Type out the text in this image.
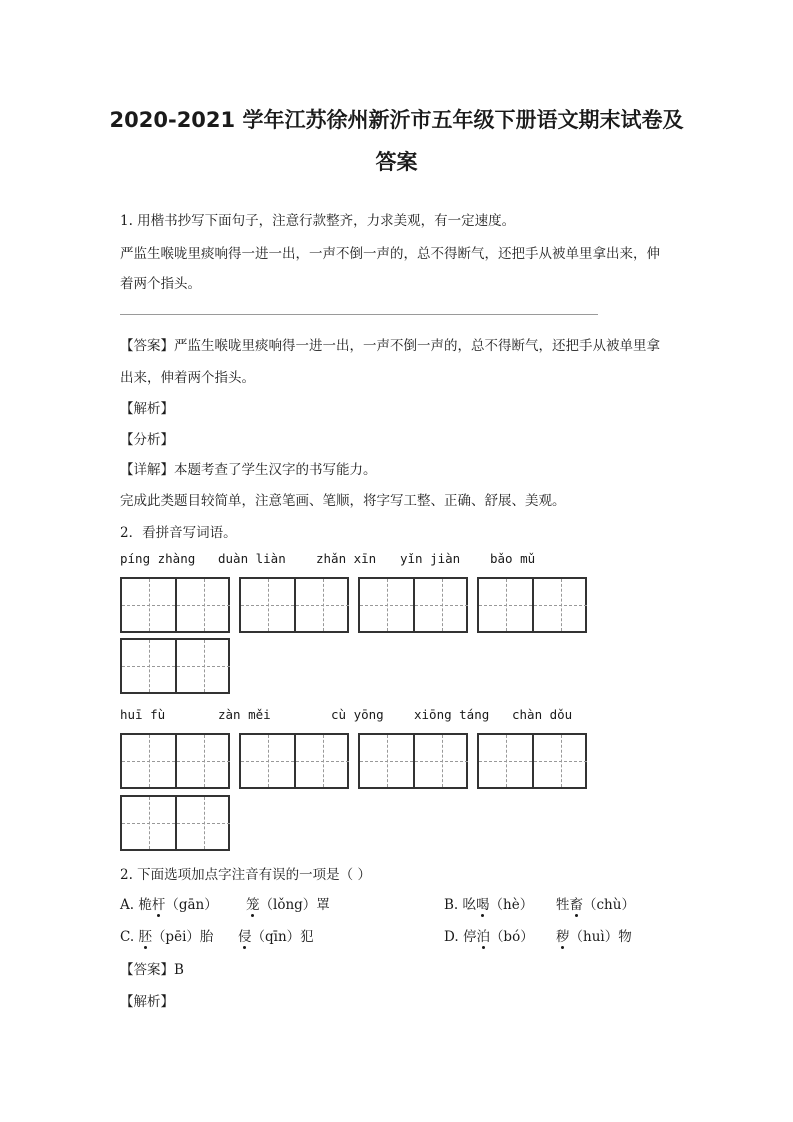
2020-2021 学年江苏徐州新沂市五年级下册语文期末试卷及
答案
1. 用楷书抄写下面句子，注意行款整齐，力求美观，有一定速度。
严监生喉咙里痰响得一进一出，一声不倒一声的，总不得断气，还把手从被单里拿出来，伸
着两个指头。
【答案】严监生喉咙里痰响得一进一出，一声不倒一声的，总不得断气，还把手从被单里拿
出来，伸着两个指头。
【解析】
【分析】
【详解】本题考查了学生汉字的书写能力。
完成此类题目较简单，注意笔画、笔顺，将字写工整、正确、舒展、美观。
2．看拼音写词语。
píng zhàng duàn liàn zhǎn xīn yǐn jiàn bǎo mǔ
huī fù	zàn měi	cù yōng xiōng táng chàn dǒu
2. 下面选项加点字注音有误的一项是（ ）
A. 桅杆（gān） 笼（lǒng）罩	B. 吆喝（hè） 牲畜（chù）
C. 胚（pēi）胎 侵（qīn）犯	D. 停泊（bó） 秽（huì）物
【答案】B
【解析】
